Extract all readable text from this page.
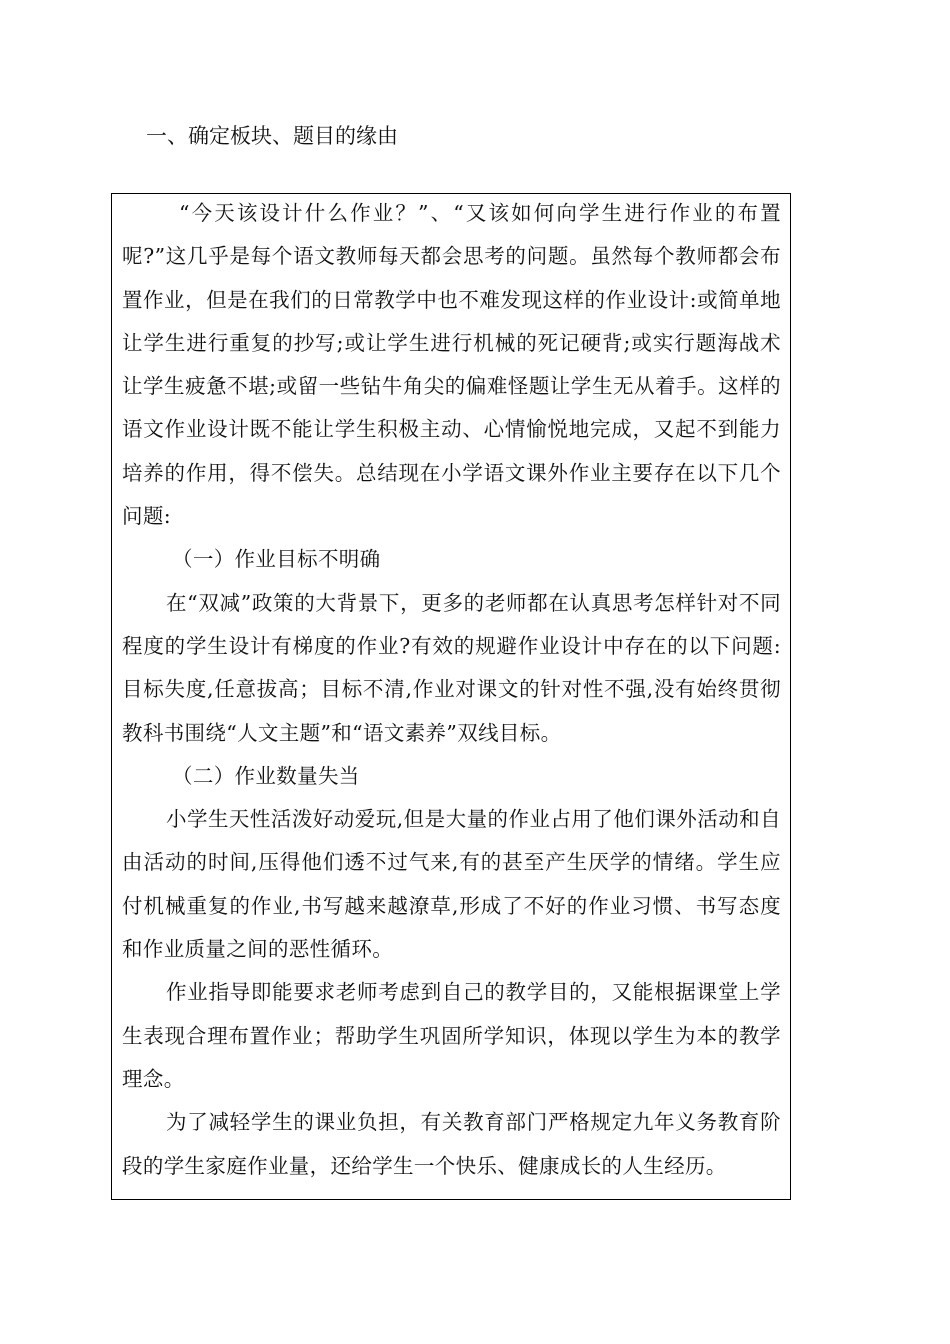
一、确定板块、题目的缘由

“今天该设计什么作业？”、“又该如何向学生进行作业的布置呢?”这几乎是每个语文教师每天都会思考的问题。虽然每个教师都会布置作业，但是在我们的日常教学中也不难发现这样的作业设计:或简单地让学生进行重复的抄写;或让学生进行机械的死记硬背;或实行题海战术让学生疲惫不堪;或留一些钻牛角尖的偏难怪题让学生无从着手。这样的语文作业设计既不能让学生积极主动、心情愉悦地完成，又起不到能力培养的作用，得不偿失。总结现在小学语文课外作业主要存在以下几个问题:

（一）作业目标不明确

在“双减”政策的大背景下，更多的老师都在认真思考怎样针对不同程度的学生设计有梯度的作业?有效的规避作业设计中存在的以下问题:目标失度,任意拔高；目标不清,作业对课文的针对性不强,没有始终贯彻教科书围绕“人文主题”和“语文素养”双线目标。

（二）作业数量失当

小学生天性活泼好动爱玩,但是大量的作业占用了他们课外活动和自由活动的时间,压得他们透不过气来,有的甚至产生厌学的情绪。学生应付机械重复的作业,书写越来越潦草,形成了不好的作业习惯、书写态度和作业质量之间的恶性循环。

作业指导即能要求老师考虑到自己的教学目的，又能根据课堂上学生表现合理布置作业；帮助学生巩固所学知识，体现以学生为本的教学理念。

为了减轻学生的课业负担，有关教育部门严格规定九年义务教育阶段的学生家庭作业量，还给学生一个快乐、健康成长的人生经历。
